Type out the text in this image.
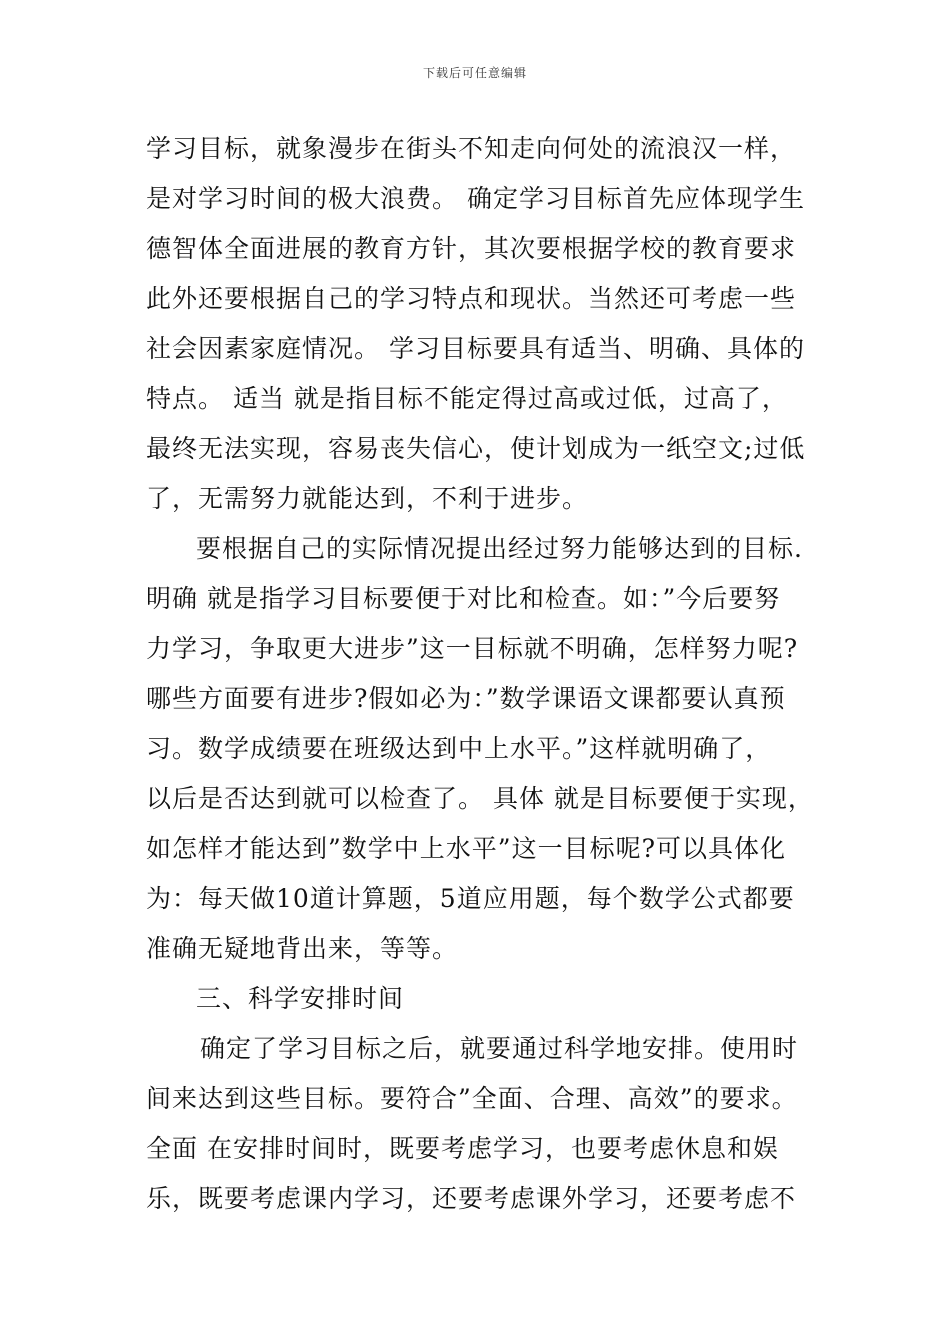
下载后可任意编辑
学习目标，就象漫步在街头不知走向何处的流浪汉一样，
是对学习时间的极大浪费。 确定学习目标首先应体现学生
德智体全面进展的教育方针，其次要根据学校的教育要求
此外还要根据自己的学习特点和现状。当然还可考虑一些
社会因素家庭情况。 学习目标要具有适当、明确、具体的
特点。 适当 就是指目标不能定得过高或过低，过高了，
最终无法实现，容易丧失信心，使计划成为一纸空文;过低
了，无需努力就能达到，不利于进步。
要根据自己的实际情况提出经过努力能够达到的目标.
明确 就是指学习目标要便于对比和检查。如：”今后要努
力学习，争取更大进步”这一目标就不明确，怎样努力呢?
哪些方面要有进步?假如必为：”数学课语文课都要认真预
习。数学成绩要在班级达到中上水平。”这样就明确了，
以后是否达到就可以检查了。 具体 就是目标要便于实现，
如怎样才能达到”数学中上水平”这一目标呢?可以具体化
为：每天做10道计算题，5道应用题，每个数学公式都要
准确无疑地背出来，等等。
三、科学安排时间
确定了学习目标之后，就要通过科学地安排。使用时
间来达到这些目标。要符合”全面、合理、高效”的要求。
全面 在安排时间时，既要考虑学习，也要考虑休息和娱
乐，既要考虑课内学习，还要考虑课外学习，还要考虑不
